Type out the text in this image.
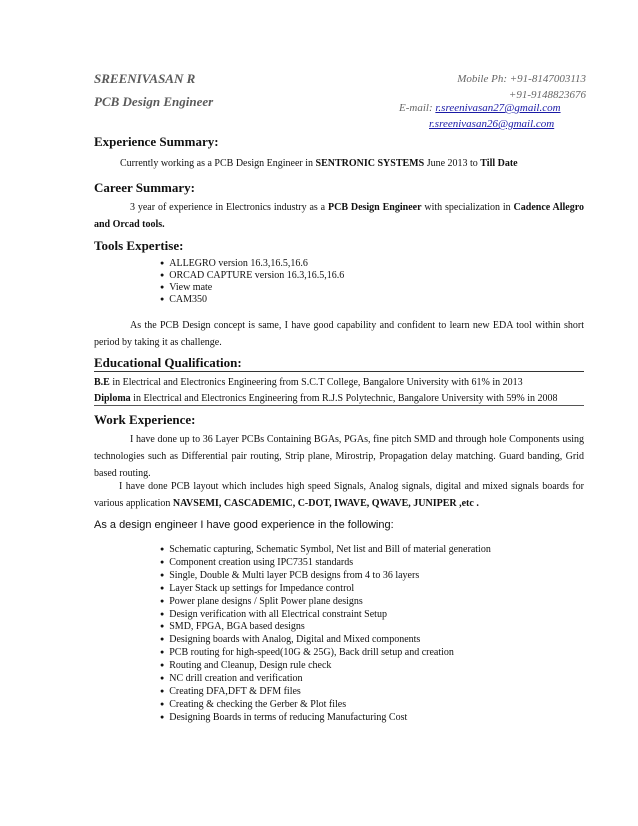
SREENIVASAN R
PCB Design Engineer
Mobile Ph: +91-8147003113
+91-9148823676
E-mail: r.sreenivasan27@gmail.com
r.sreenivasan26@gmail.com
Experience Summary:
Currently working as a PCB Design Engineer in SENTRONIC SYSTEMS June 2013 to Till Date
Career Summary:
3 year of experience in Electronics industry as a PCB Design Engineer with specialization in Cadence Allegro and Orcad tools.
Tools Expertise:
● ALLEGRO version 16.3,16.5,16.6
● ORCAD CAPTURE version 16.3,16.5,16.6
● View mate
● CAM350
As the PCB Design concept is same, I have good capability and confident to learn new EDA tool within short period by taking it as challenge.
Educational Qualification:
B.E in Electrical and Electronics Engineering from S.C.T College, Bangalore University with 61% in 2013
Diploma in Electrical and Electronics Engineering from R.J.S Polytechnic, Bangalore University with 59% in 2008
Work Experience:
I have done up to 36 Layer PCBs Containing BGAs, PGAs, fine pitch SMD and through hole Components using technologies such as Differential pair routing, Strip plane, Mirostrip, Propagation delay matching. Guard banding, Grid based routing.
I have done PCB layout which includes high speed Signals, Analog signals, digital and mixed signals boards for various application NAVSEMI, CASCADEMIC, C-DOT, IWAVE, QWAVE, JUNIPER ,etc .
As a design engineer I have good experience in the following:
● Schematic capturing, Schematic Symbol, Net list and Bill of material generation
● Component creation using IPC7351 standards
● Single, Double & Multi layer PCB designs from 4 to 36 layers
● Layer Stack up settings for Impedance control
● Power plane designs / Split Power plane designs
● Design verification with all Electrical constraint Setup
● SMD, FPGA, BGA based designs
● Designing boards with Analog, Digital and Mixed components
● PCB routing for high-speed(10G & 25G), Back drill setup and creation
● Routing and Cleanup, Design rule check
● NC drill creation and verification
● Creating DFA,DFT & DFM files
● Creating & checking the Gerber & Plot files
● Designing Boards in terms of reducing Manufacturing Cost
